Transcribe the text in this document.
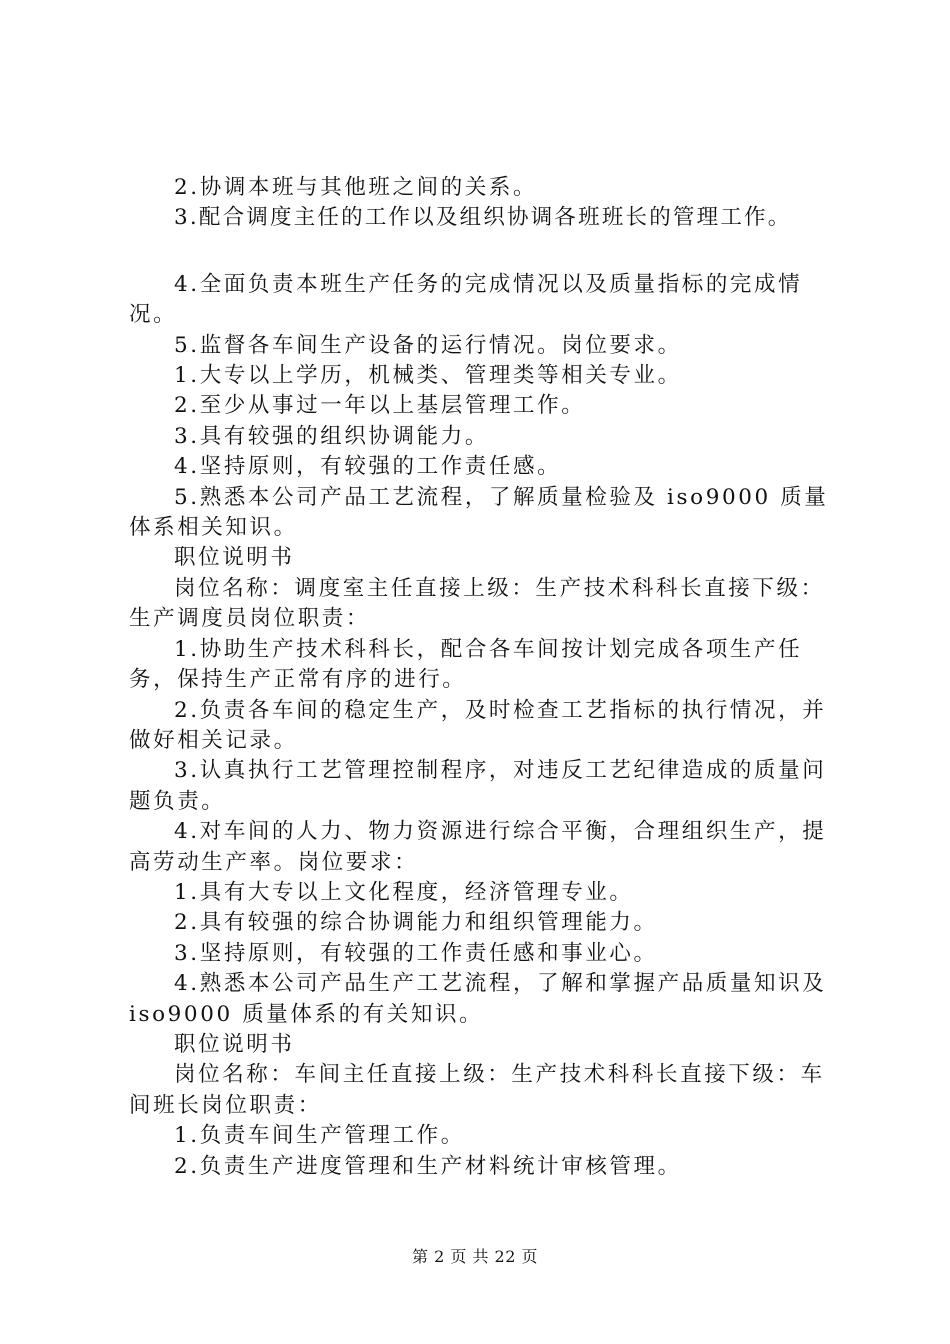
2.协调本班与其他班之间的关系。

3.配合调度主任的工作以及组织协调各班班长的管理工作。

4.全面负责本班生产任务的完成情况以及质量指标的完成情况。

5.监督各车间生产设备的运行情况。岗位要求。

1.大专以上学历，机械类、管理类等相关专业。

2.至少从事过一年以上基层管理工作。

3.具有较强的组织协调能力。

4.坚持原则，有较强的工作责任感。

5.熟悉本公司产品工艺流程，了解质量检验及 iso9000 质量体系相关知识。

职位说明书

岗位名称：调度室主任直接上级：生产技术科科长直接下级：生产调度员岗位职责：

1.协助生产技术科科长，配合各车间按计划完成各项生产任务，保持生产正常有序的进行。

2.负责各车间的稳定生产，及时检查工艺指标的执行情况，并做好相关记录。

3.认真执行工艺管理控制程序，对违反工艺纪律造成的质量问题负责。

4.对车间的人力、物力资源进行综合平衡，合理组织生产，提高劳动生产率。岗位要求：

1.具有大专以上文化程度，经济管理专业。

2.具有较强的综合协调能力和组织管理能力。

3.坚持原则，有较强的工作责任感和事业心。

4.熟悉本公司产品生产工艺流程，了解和掌握产品质量知识及 iso9000 质量体系的有关知识。

职位说明书

岗位名称：车间主任直接上级：生产技术科科长直接下级：车间班长岗位职责：

1.负责车间生产管理工作。

2.负责生产进度管理和生产材料统计审核管理。

第 2 页 共 22 页
